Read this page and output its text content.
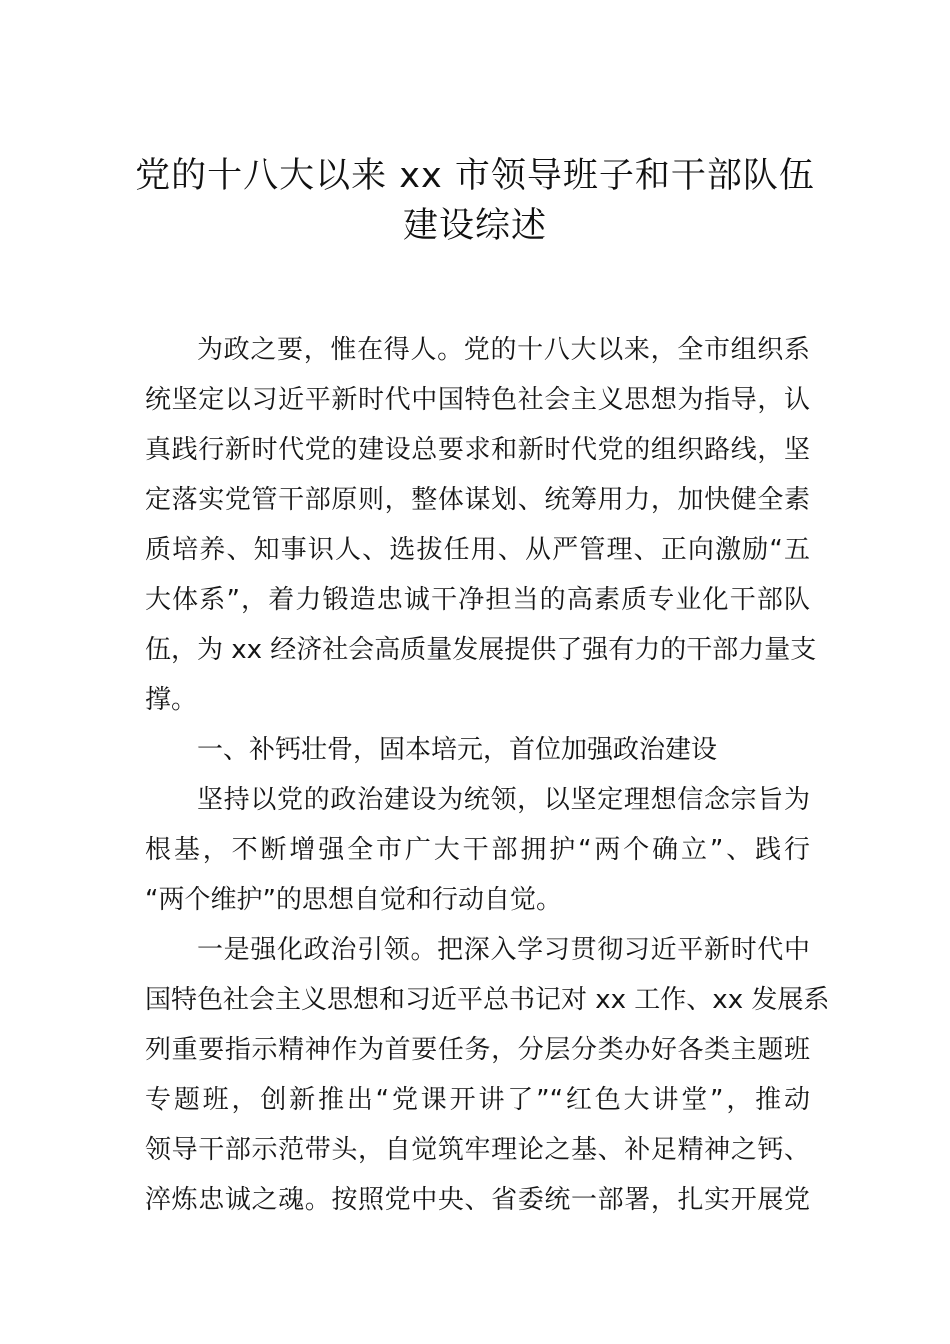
党的十八大以来 xx 市领导班子和干部队伍
建设综述
为政之要，惟在得人。党的十八大以来，全市组织系
统坚定以习近平新时代中国特色社会主义思想为指导，认
真践行新时代党的建设总要求和新时代党的组织路线，坚
定落实党管干部原则，整体谋划、统筹用力，加快健全素
质培养、知事识人、选拔任用、从严管理、正向激励“五
大体系”，着力锻造忠诚干净担当的高素质专业化干部队
伍，为 xx 经济社会高质量发展提供了强有力的干部力量支
撑。
一、补钙壮骨，固本培元，首位加强政治建设
坚持以党的政治建设为统领，以坚定理想信念宗旨为
根基，不断增强全市广大干部拥护“两个确立”、践行
“两个维护”的思想自觉和行动自觉。
一是强化政治引领。把深入学习贯彻习近平新时代中
国特色社会主义思想和习近平总书记对 xx 工作、xx 发展系
列重要指示精神作为首要任务，分层分类办好各类主题班
专题班，创新推出“党课开讲了”“红色大讲堂”，推动
领导干部示范带头，自觉筑牢理论之基、补足精神之钙、
淬炼忠诚之魂。按照党中央、省委统一部署，扎实开展党
